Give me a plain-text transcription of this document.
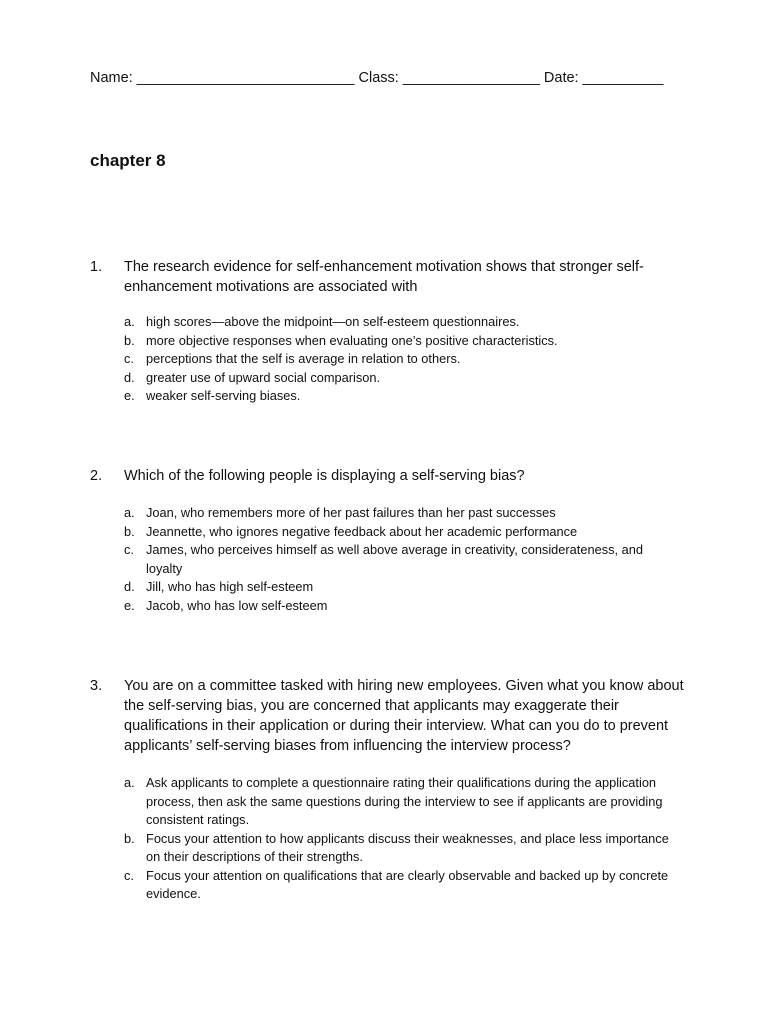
Name: ___________________________ Class: _________________ Date: __________
chapter 8
1.	The research evidence for self-enhancement motivation shows that stronger self-enhancement motivations are associated with
a. high scores—above the midpoint—on self-esteem questionnaires.
b. more objective responses when evaluating one’s positive characteristics.
c. perceptions that the self is average in relation to others.
d. greater use of upward social comparison.
e. weaker self-serving biases.
2.	Which of the following people is displaying a self-serving bias?
a. Joan, who remembers more of her past failures than her past successes
b. Jeannette, who ignores negative feedback about her academic performance
c. James, who perceives himself as well above average in creativity, considerateness, and loyalty
d. Jill, who has high self-esteem
e. Jacob, who has low self-esteem
3.	You are on a committee tasked with hiring new employees. Given what you know about the self-serving bias, you are concerned that applicants may exaggerate their qualifications in their application or during their interview. What can you do to prevent applicants’ self-serving biases from influencing the interview process?
a. Ask applicants to complete a questionnaire rating their qualifications during the application process, then ask the same questions during the interview to see if applicants are providing consistent ratings.
b. Focus your attention to how applicants discuss their weaknesses, and place less importance on their descriptions of their strengths.
c. Focus your attention on qualifications that are clearly observable and backed up by concrete evidence.
